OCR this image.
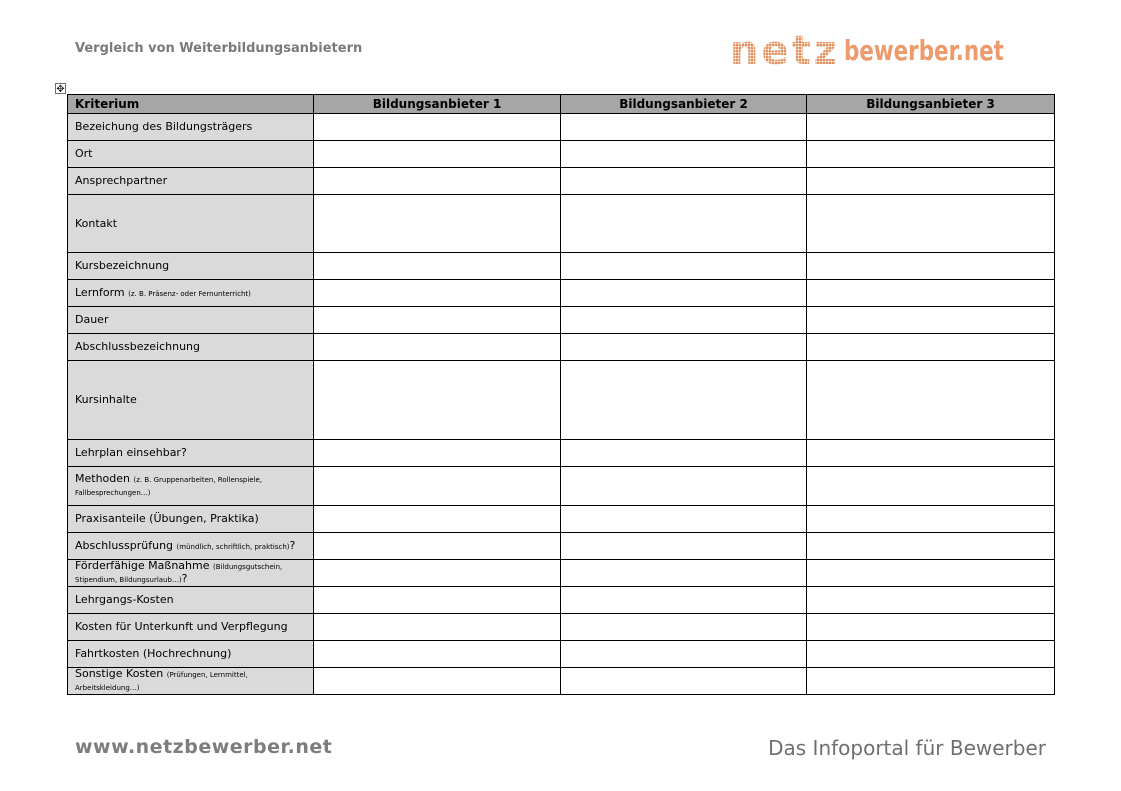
Vergleich von Weiterbildungsanbietern	netz bewerber.net
✥
Kriterium	Bildungsanbieter 1	Bildungsanbieter 2	Bildungsanbieter 3
Bezeichung des Bildungsträgers			
Ort			
Ansprechpartner			
Kontakt			
Kursbezeichnung			
Lernform (z. B. Präsenz- oder Fernunterricht)			
Dauer			
Abschlussbezeichnung			
Kursinhalte			
Lehrplan einsehbar?			
Methoden (z. B. Gruppenarbeiten, Rollenspiele, Fallbesprechungen…)			
Praxisanteile (Übungen, Praktika)			
Abschlussprüfung (mündlich, schriftlich, praktisch)?			
Förderfähige Maßnahme (Bildungsgutschein, Stipendium, Bildungsurlaub…)?			
Lehrgangs-Kosten			
Kosten für Unterkunft und Verpflegung			
Fahrtkosten (Hochrechnung)			
Sonstige Kosten (Prüfungen, Lernmittel, Arbeitskleidung…)			
www.netzbewerber.net	Das Infoportal für Bewerber
